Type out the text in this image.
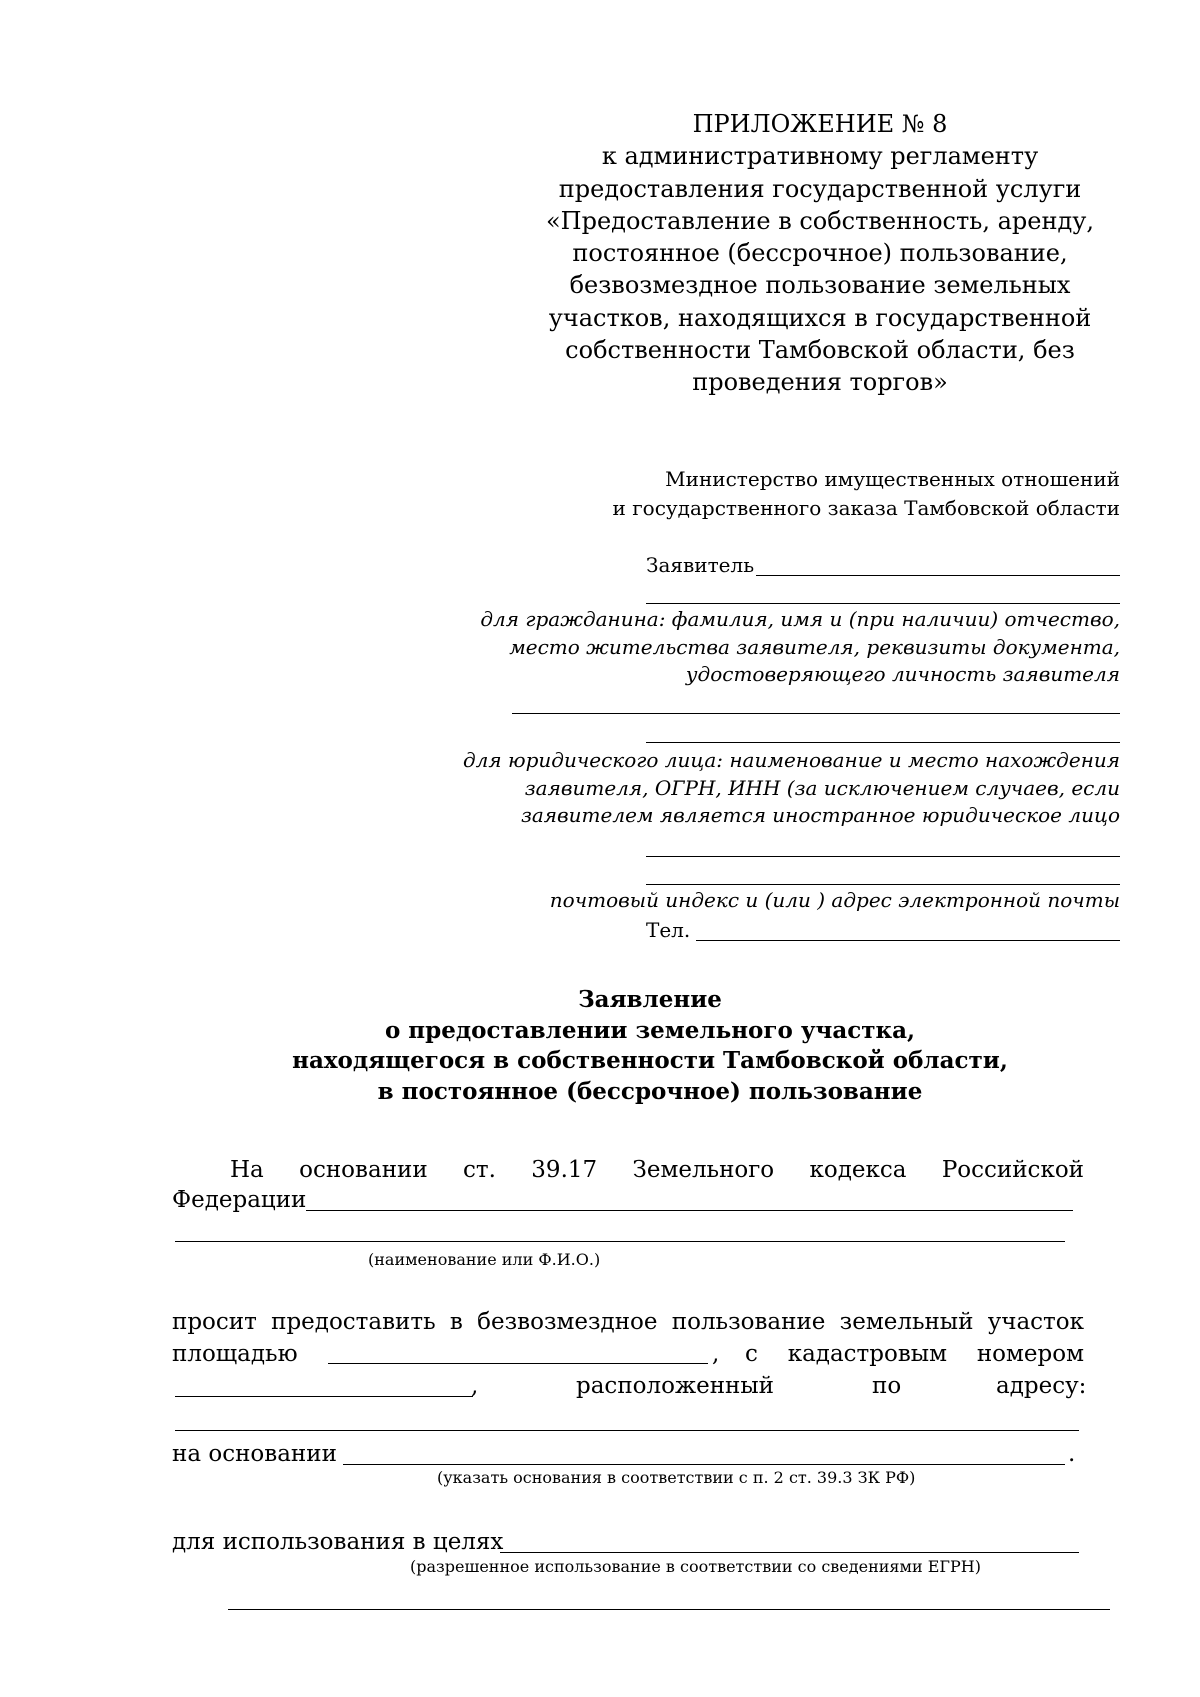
ПРИЛОЖЕНИЕ № 8
к административному регламенту
предоставления государственной услуги
«Предоставление в собственность, аренду,
постоянное (бессрочное) пользование,
безвозмездное пользование земельных
участков, находящихся в государственной
собственности Тамбовской области, без
проведения торгов»
Министерство имущественных отношений
и государственного заказа Тамбовской области
Заявитель
для гражданина: фамилия, имя и (при наличии) отчество,
место жительства заявителя, реквизиты документа,
удостоверяющего личность заявителя
для юридического лица: наименование и место нахождения
заявителя, ОГРН, ИНН (за исключением случаев, если
заявителем является иностранное юридическое лицо
почтовый индекс и (или ) адрес электронной почты
Тел.
Заявление
о предоставлении земельного участка,
находящегося в собственности Тамбовской области,
в постоянное (бессрочное) пользование
На основании ст. 39.17 Земельного кодекса Российской
Федерации
(наименование или Ф.И.О.)
просит предоставить в безвозмездное пользование земельный участок
площадью	, с кадастровым номером
,	расположенный	по	адресу:
на основании	.
(указать основания в соответствии с п. 2 ст. 39.3 ЗК РФ)
для использования в целях
(разрешенное использование в соответствии со сведениями ЕГРН)
